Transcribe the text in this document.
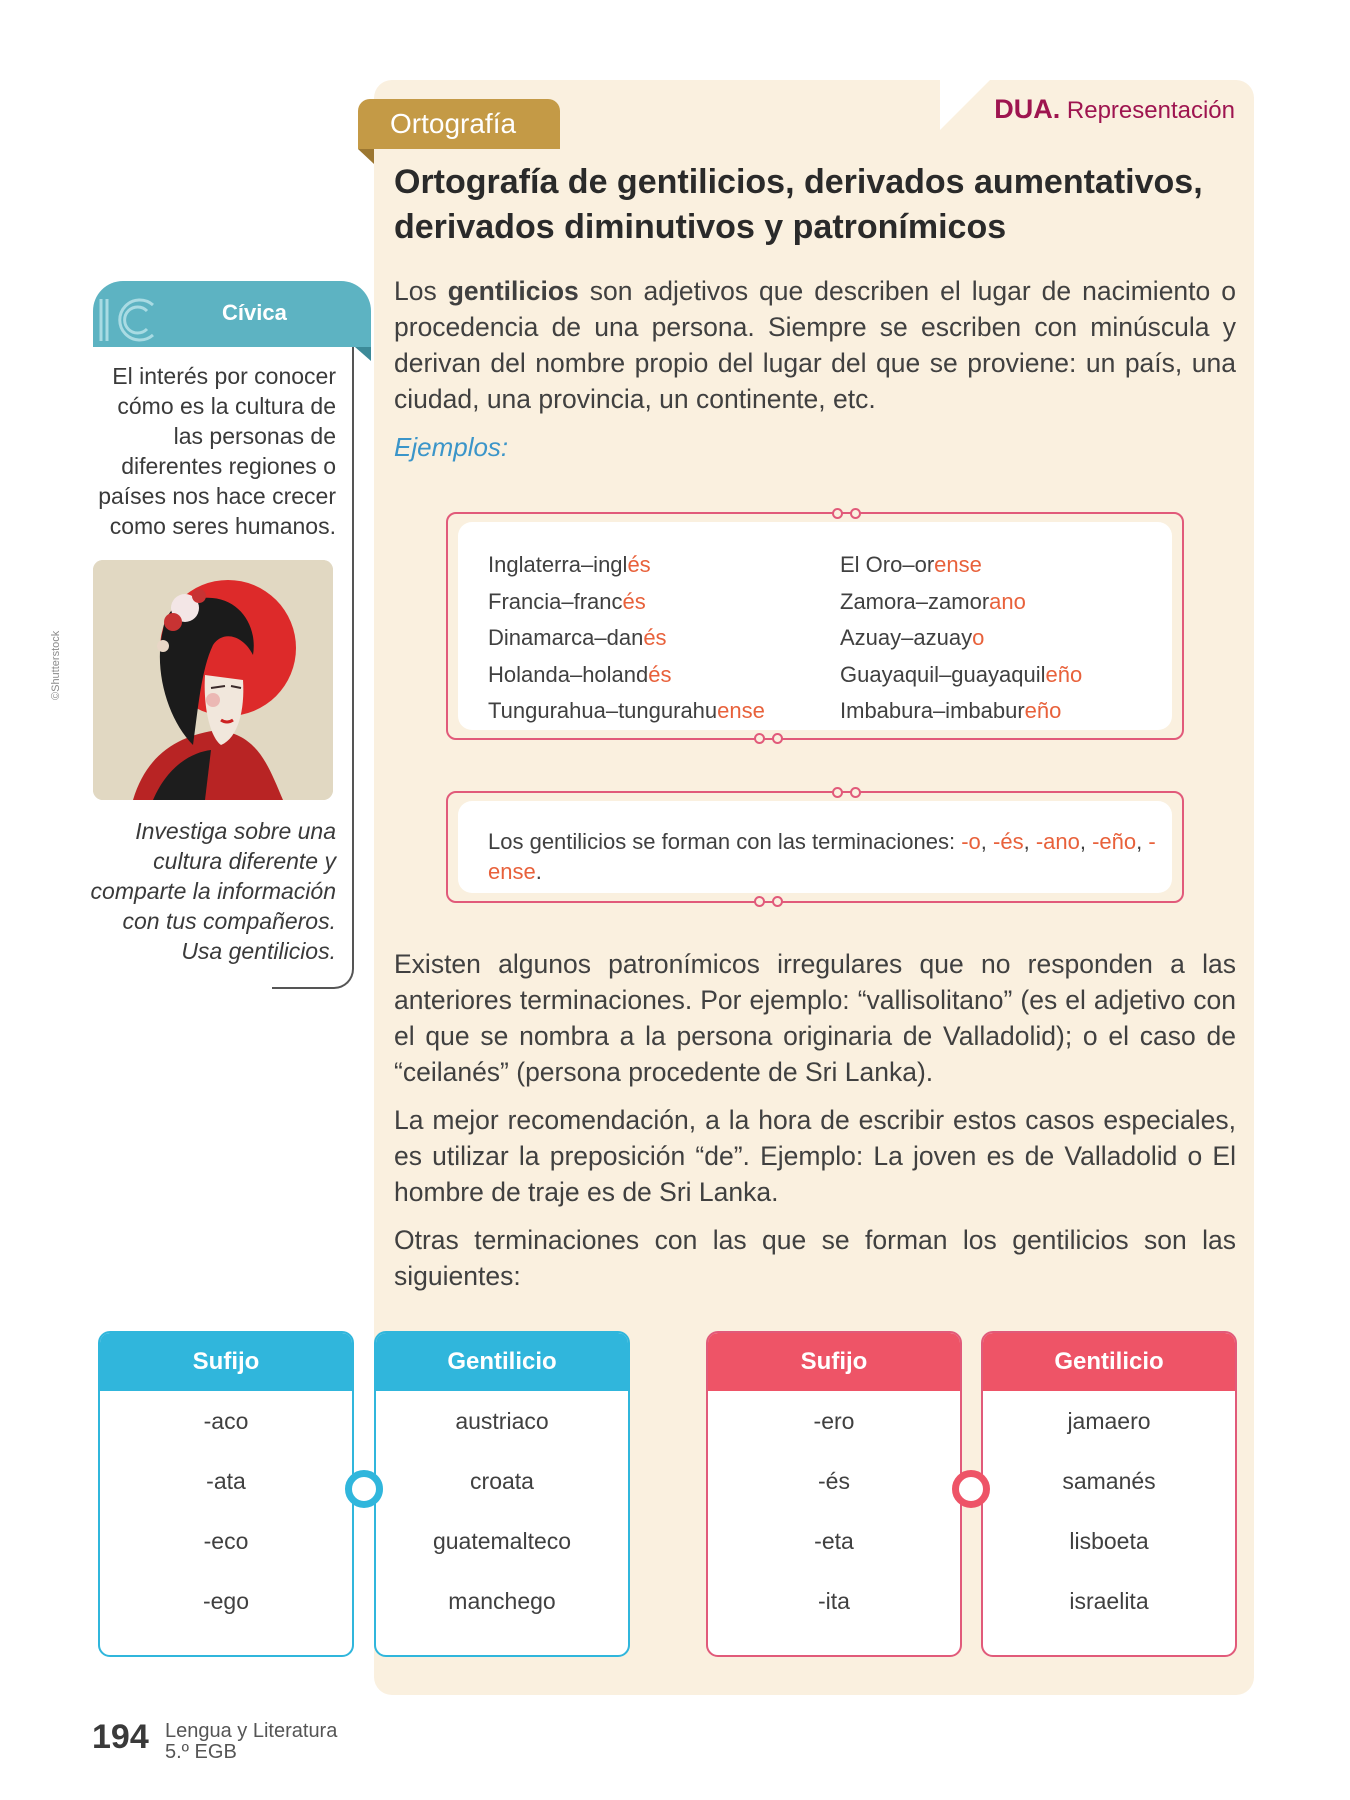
Ortografía	DUA. Representación
Ortografía de gentilicios, derivados aumentativos, derivados diminutivos y patronímicos
Los gentilicios son adjetivos que describen el lugar de nacimiento o procedencia de una persona. Siempre se escriben con minúscula y derivan del nombre propio del lugar del que se proviene: un país, una ciudad, una provincia, un continente, etc.
Ejemplos:
Inglaterra–inglés
Francia–francés
Dinamarca–danés
Holanda–holandés
Tungurahua–tungurahuense
El Oro–orense
Zamora–zamorano
Azuay–azuayo
Guayaquil–guayaquileño
Imbabura–imbabureño
Los gentilicios se forman con las terminaciones: -o, -és, -ano, -eño, -ense.
Existen algunos patronímicos irregulares que no responden a las anteriores terminaciones. Por ejemplo: “vallisolitano” (es el adjetivo con el que se nombra a la persona originaria de Valladolid); o el caso de “ceilanés” (persona procedente de Sri Lanka).
La mejor recomendación, a la hora de escribir estos casos especiales, es utilizar la preposición “de”. Ejemplo: La joven es de Valladolid o El hombre de traje es de Sri Lanka.
Otras terminaciones con las que se forman los gentilicios son las siguientes:
Cívica
El interés por conocer cómo es la cultura de las personas de diferentes regiones o países nos hace crecer como seres humanos.
©Shutterstock
Investiga sobre una cultura diferente y comparte la información con tus compañeros. Usa gentilicios.
Sufijo
-aco
-ata
-eco
-ego
Gentilicio
austriaco
croata
guatemalteco
manchego
Sufijo
-ero
-és
-eta
-ita
Gentilicio
jamaero
samanés
lisboeta
israelita
194 Lengua y Literatura
5.º EGB
